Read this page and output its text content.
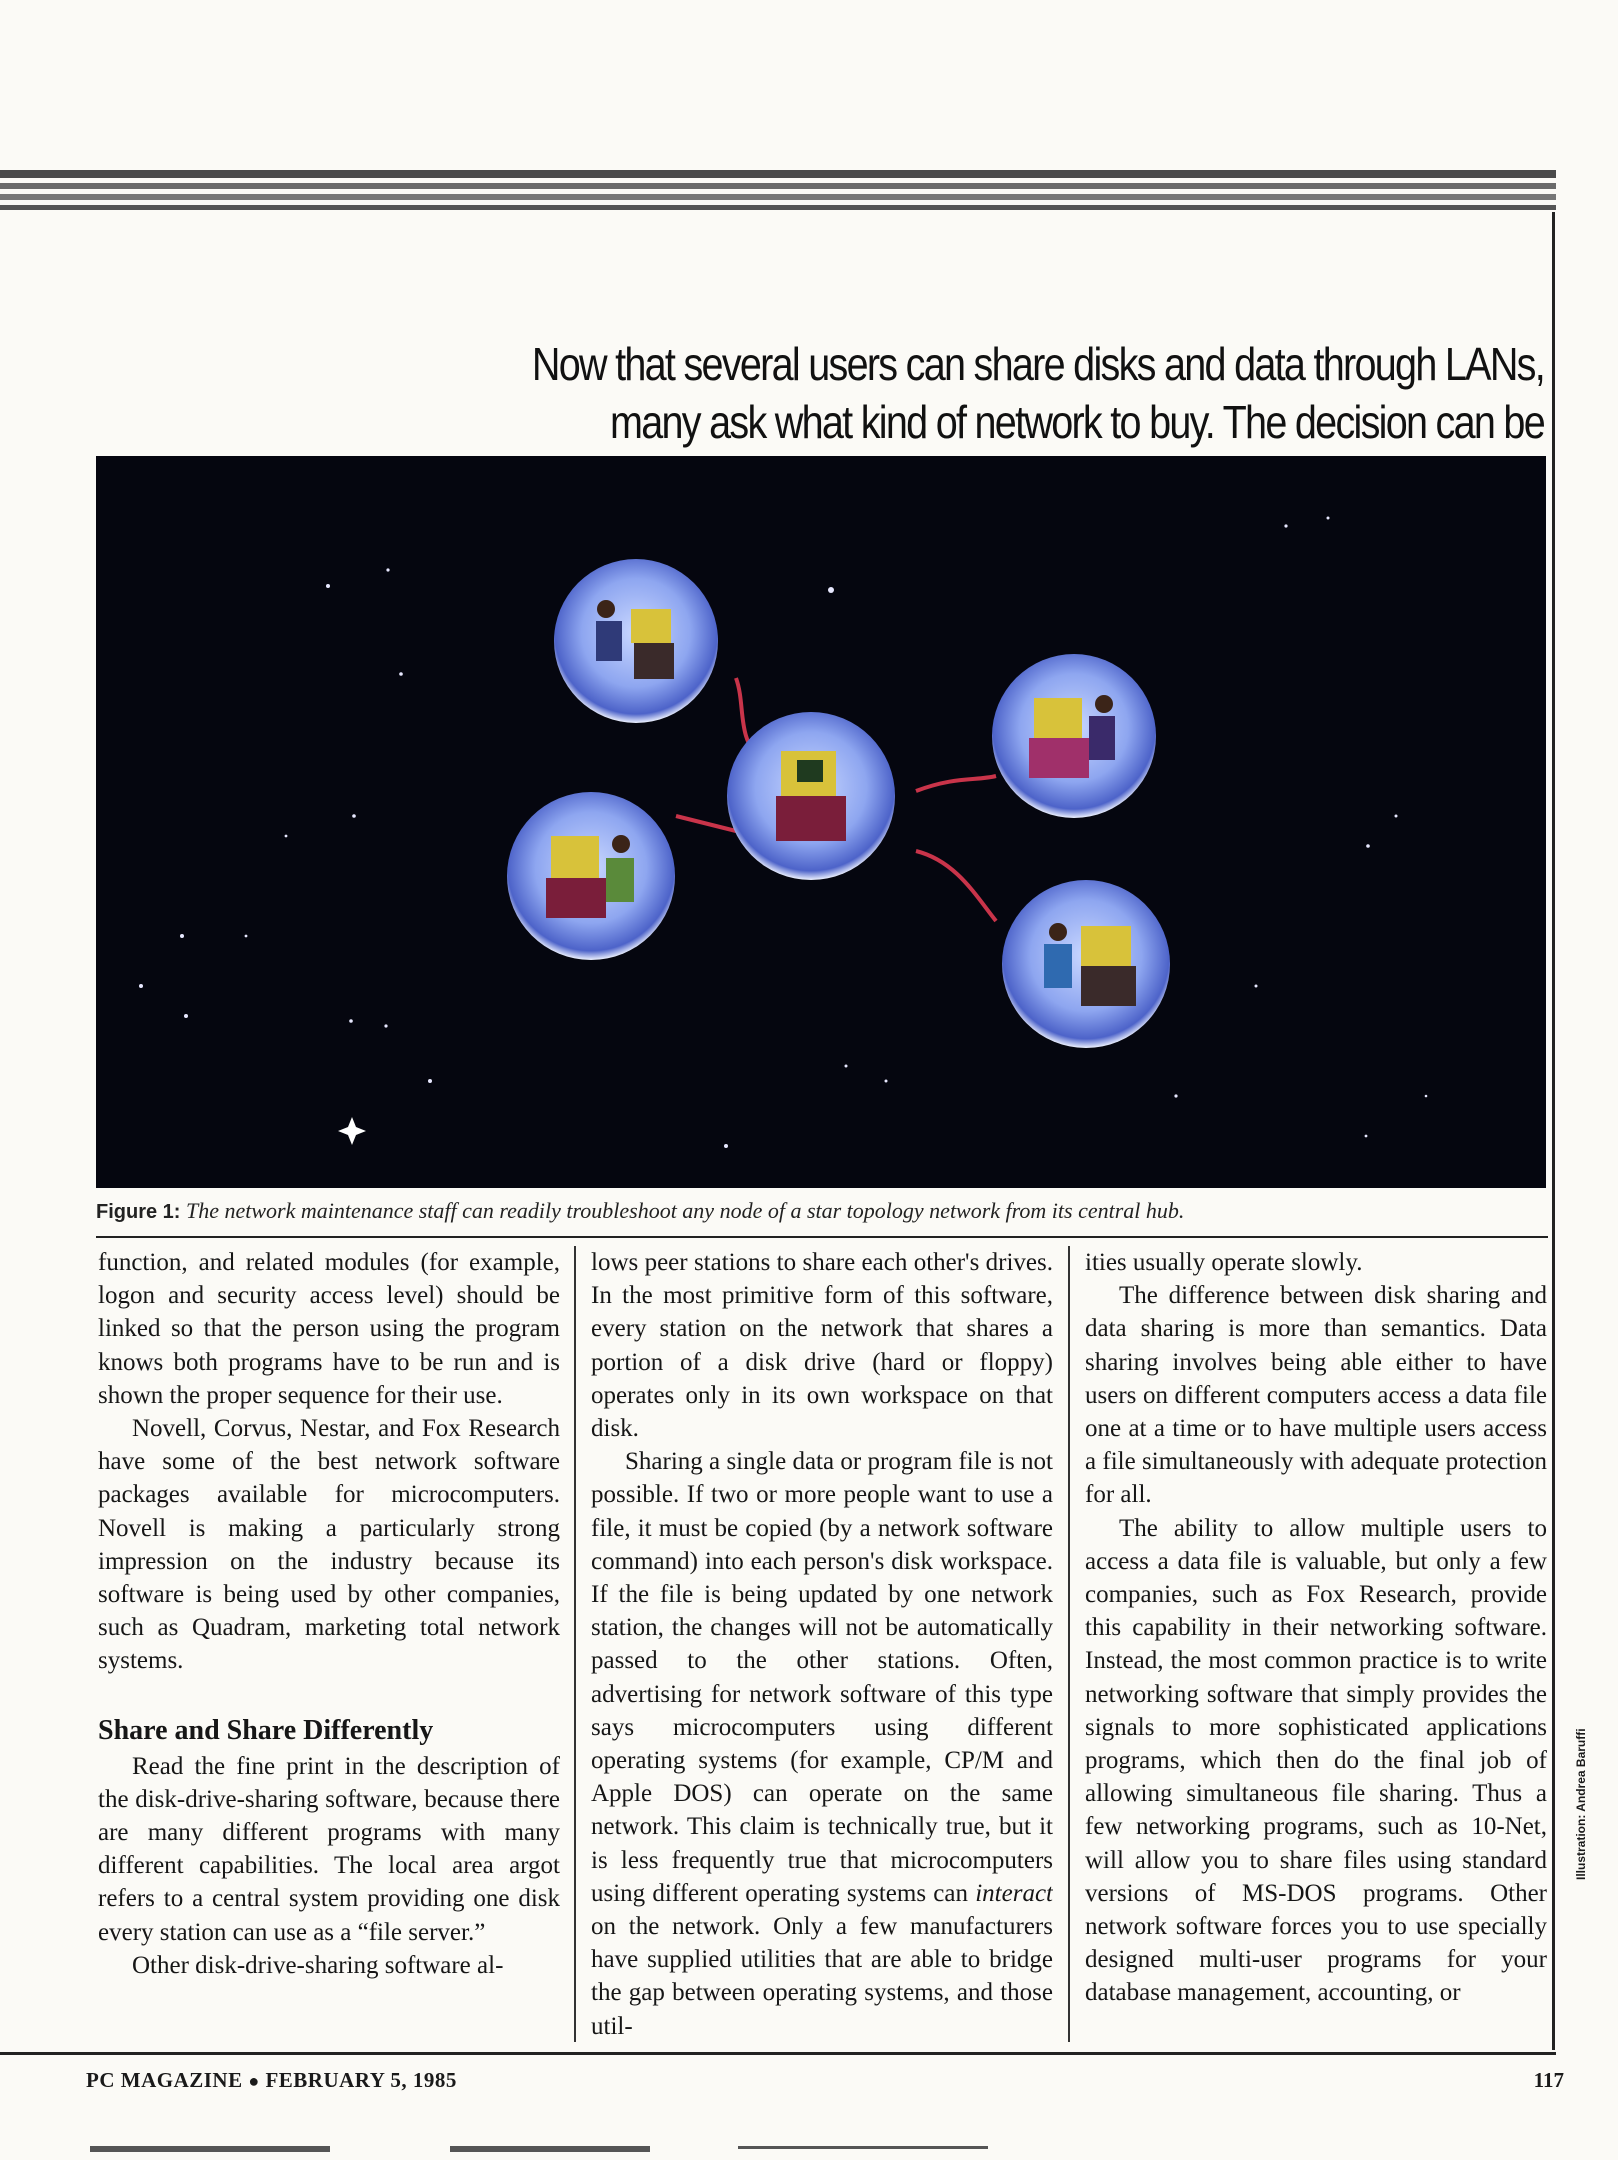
Now that several users can share disks and data through LANs,
many ask what kind of network to buy. The decision can be
Figure 1: The network maintenance staff can readily troubleshoot any node of a star topology network from its central hub.

function, and related modules (for example, logon and security access level) should be linked so that the person using the program knows both programs have to be run and is shown the proper sequence for their use.

Novell, Corvus, Nestar, and Fox Research have some of the best network software packages available for microcomputers. Novell is making a particularly strong impression on the industry because its software is being used by other companies, such as Quadram, marketing total network systems.

Share and Share Differently

Read the fine print in the description of the disk-drive-sharing software, because there are many different programs with many different capabilities. The local area argot refers to a central system providing one disk every station can use as a “file server.”

Other disk-drive-sharing software al-

lows peer stations to share each other's drives. In the most primitive form of this software, every station on the network that shares a portion of a disk drive (hard or floppy) operates only in its own workspace on that disk.

Sharing a single data or program file is not possible. If two or more people want to use a file, it must be copied (by a network software command) into each person's disk workspace. If the file is being updated by one network station, the changes will not be automatically passed to the other stations. Often, advertising for network software of this type says microcomputers using different operating systems (for example, CP/M and Apple DOS) can operate on the same network. This claim is technically true, but it is less frequently true that microcomputers using different operating systems can interact on the network. Only a few manufacturers have supplied utilities that are able to bridge the gap between operating systems, and those util-

ities usually operate slowly.

The difference between disk sharing and data sharing is more than semantics. Data sharing involves being able either to have users on different computers access a data file one at a time or to have multiple users access a file simultaneously with adequate protection for all.

The ability to allow multiple users to access a data file is valuable, but only a few companies, such as Fox Research, provide this capability in their networking software. Instead, the most common practice is to write networking software that simply provides the signals to more sophisticated applications programs, which then do the final job of allowing simultaneous file sharing. Thus a few networking programs, such as 10-Net, will allow you to share files using standard versions of MS-DOS programs. Other network software forces you to use specially designed multi-user programs for your database management, accounting, or

Illustration: Andrea Baruffi
PC MAGAZINE ● FEBRUARY 5, 1985	117
